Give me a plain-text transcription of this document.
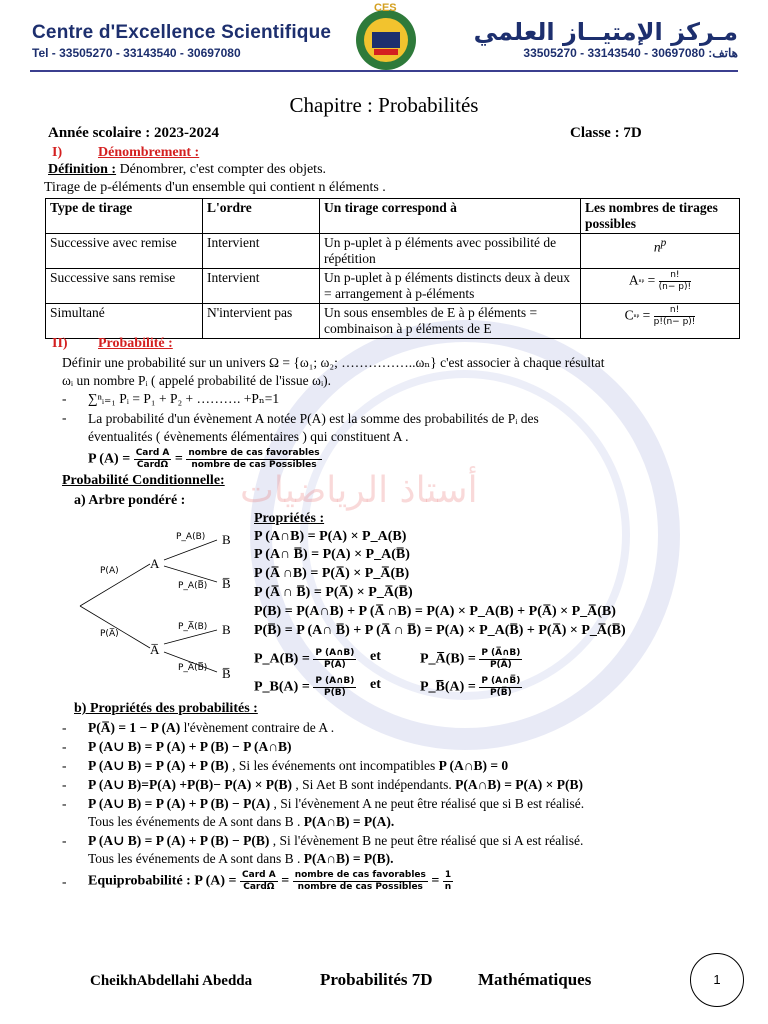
أستاذ الرياضيات
Centre d'Excellence Scientifique
Tel - 33505270 - 33143540 - 30697080
CES
مـركز الإمتيــاز العلمي
33505270 - 33143540 - 30697080 :هاتف
Chapitre : Probabilités
Année scolaire : 2023-2024	Classe : 7D
I)	Dénombrement :
Définition : Dénombrer, c'est compter des objets.
Tirage de p-éléments d'un ensemble qui contient n éléments .
Type de tirage	L'ordre	Un tirage correspond à	Les nombres de tirages possibles
Successive avec remise	Intervient	Un p-uplet à p éléments avec possibilité de répétition	$n^p$
Successive sans remise	Intervient	Un p-uplet à p éléments distincts deux à deux = arrangement à p-éléments	Aⁿᵖ = $\frac{n!}{(n- p)!}$

Simultané	N'intervient pas	Un sous ensembles de E à p éléments = combinaison à p éléments de E	Cⁿᵖ = $\frac{n!}{p!(n- p)!}$
II) Probabilité :
Définir une probabilité sur un univers Ω = {ω₁; ω₂; ……………..ωₙ} c'est associer à chaque résultat
ωᵢ un nombre Pᵢ ( appelé probabilité de l'issue ωᵢ).
- ∑ⁿᵢ₌₁ Pᵢ = P₁ + P₂ + ………. +Pₙ=1
- La probabilité d'un évènement A notée P(A) est la somme des probabilités de Pᵢ des
éventualités ( évènements élémentaires ) qui constituent A .
P (A) = Card A
CardΩ = nombre de cas favorables
nombre de cas Possibles
Probabilité Conditionnelle:
a) Arbre pondéré :
P(A)
P(A̅)
A
A̅
P_A(B)
P_A(B̅)
P_A̅(B)
P_A̅(B̅)
B
B̅
B
B̅
Propriétés :
P (A∩B) = P(A) × P_A(B)
P (A∩ B̅) = P(A) × P_A(B̅)
P (A̅ ∩B) = P(A̅) × P_A̅(B)
P (A̅ ∩ B̅) = P(A̅) × P_A̅(B̅)
P(B) = P(A∩B) + P (A̅ ∩B) = P(A) × P_A(B) + P(A̅) × P_A̅(B)
P(B̅) = P (A∩ B̅) + P (A̅ ∩ B̅) = P(A) × P_A(B̅) + P(A̅) × P_A̅(B̅)
P_A(B) = $\frac{P (A\cap B)}{P(A)}$ et	P_A̅(B) = $\frac{P (A̅\cap B)}{P(A̅)}$
P_B(A) = $\frac{P (A\cap B)}{P(B)}$ et	P_B̅(A) = $\frac{P (A\cap B̅)}{P(B̅)}$
b) Propriétés des probabilités :
- P(A̅) = 1 − P (A) l'évènement contraire de A .
- P (A∪ B) = P (A) + P (B) − P (A∩B)
- P (A∪ B) = P (A) + P (B) , Si les événements ont incompatibles P (A∩B) = 0
- P (A∪ B)=P(A) +P(B)− P(A) × P(B) , Si Aet B sont indépendants. P(A∩B) = P(A) × P(B)
- P (A∪ B) = P (A) + P (B) − P(A) , Si l'évènement A ne peut être réalisé que si B est réalisé.
Tous les événements de A sont dans B . P(A∩B) = P(A).
- P (A∪ B) = P (A) + P (B) − P(B) , Si l'évènement B ne peut être réalisé que si A est réalisé.
Tous les événements de A sont dans B . P(A∩B) = P(B).
- Equiprobabilité : P (A) = Card A
CardΩ = nombre de cas favorables
nombre de cas Possibles = $\frac{1}{n}$
CheikhAbdellahi Abedda	Probabilités 7D	Mathématiques	1
